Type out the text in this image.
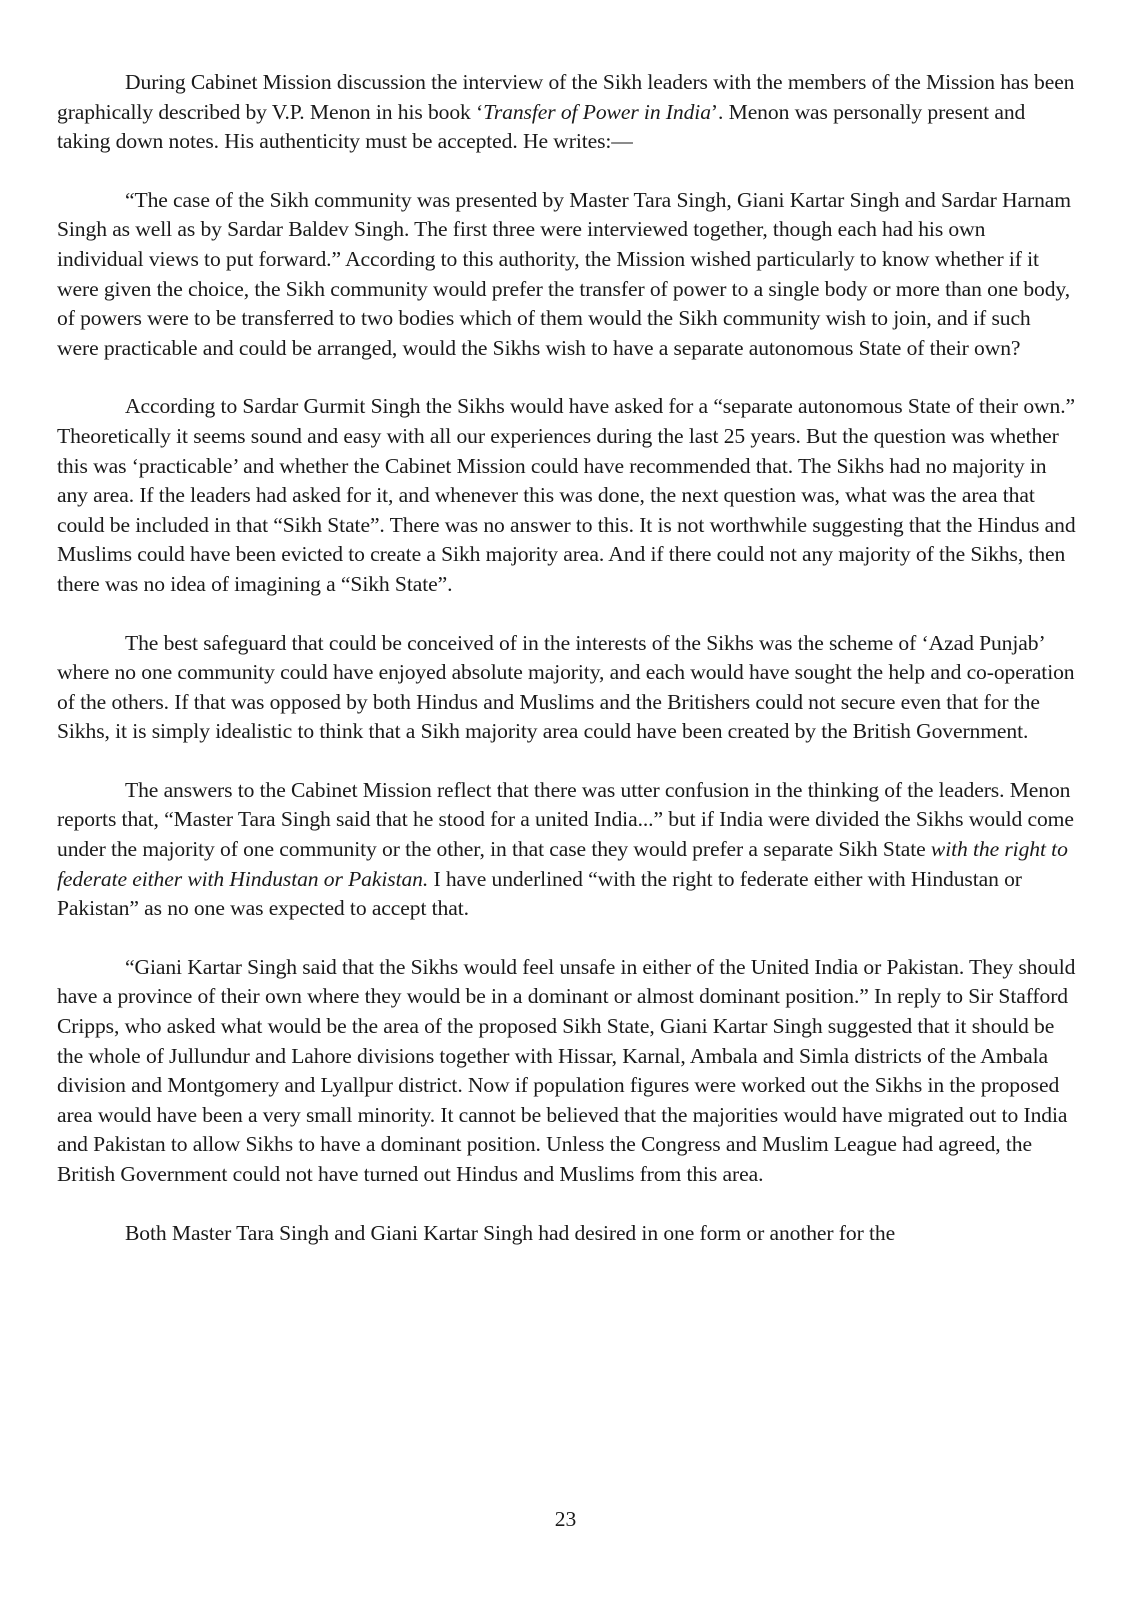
During Cabinet Mission discussion the interview of the Sikh leaders with the members of the Mission has been graphically described by V.P. Menon in his book ‘Transfer of Power in India’. Menon was personally present and taking down notes. His authenticity must be accepted. He writes:—

“The case of the Sikh community was presented by Master Tara Singh, Giani Kartar Singh and Sardar Harnam Singh as well as by Sardar Baldev Singh. The first three were interviewed together, though each had his own individual views to put forward.” According to this authority, the Mission wished particularly to know whether if it were given the choice, the Sikh community would prefer the transfer of power to a single body or more than one body, of powers were to be transferred to two bodies which of them would the Sikh community wish to join, and if such were practicable and could be arranged, would the Sikhs wish to have a separate autonomous State of their own?

According to Sardar Gurmit Singh the Sikhs would have asked for a “separate autonomous State of their own.” Theoretically it seems sound and easy with all our experiences during the last 25 years. But the question was whether this was ‘practicable’ and whether the Cabinet Mission could have recommended that. The Sikhs had no majority in any area. If the leaders had asked for it, and whenever this was done, the next question was, what was the area that could be included in that “Sikh State”. There was no answer to this. It is not worthwhile suggesting that the Hindus and Muslims could have been evicted to create a Sikh majority area. And if there could not any majority of the Sikhs, then there was no idea of imagining a “Sikh State”.

The best safeguard that could be conceived of in the interests of the Sikhs was the scheme of ‘Azad Punjab’ where no one community could have enjoyed absolute majority, and each would have sought the help and co-operation of the others. If that was opposed by both Hindus and Muslims and the Britishers could not secure even that for the Sikhs, it is simply idealistic to think that a Sikh majority area could have been created by the British Government.

The answers to the Cabinet Mission reflect that there was utter confusion in the thinking of the leaders. Menon reports that, “Master Tara Singh said that he stood for a united India...” but if India were divided the Sikhs would come under the majority of one community or the other, in that case they would prefer a separate Sikh State with the right to federate either with Hindustan or Pakistan. I have underlined “with the right to federate either with Hindustan or Pakistan” as no one was expected to accept that.

“Giani Kartar Singh said that the Sikhs would feel unsafe in either of the United India or Pakistan. They should have a province of their own where they would be in a dominant or almost dominant position.” In reply to Sir Stafford Cripps, who asked what would be the area of the proposed Sikh State, Giani Kartar Singh suggested that it should be the whole of Jullundur and Lahore divisions together with Hissar, Karnal, Ambala and Simla districts of the Ambala division and Montgomery and Lyallpur district. Now if population figures were worked out the Sikhs in the proposed area would have been a very small minority. It cannot be believed that the majorities would have migrated out to India and Pakistan to allow Sikhs to have a dominant position. Unless the Congress and Muslim League had agreed, the British Government could not have turned out Hindus and Muslims from this area.

Both Master Tara Singh and Giani Kartar Singh had desired in one form or another for the

23
